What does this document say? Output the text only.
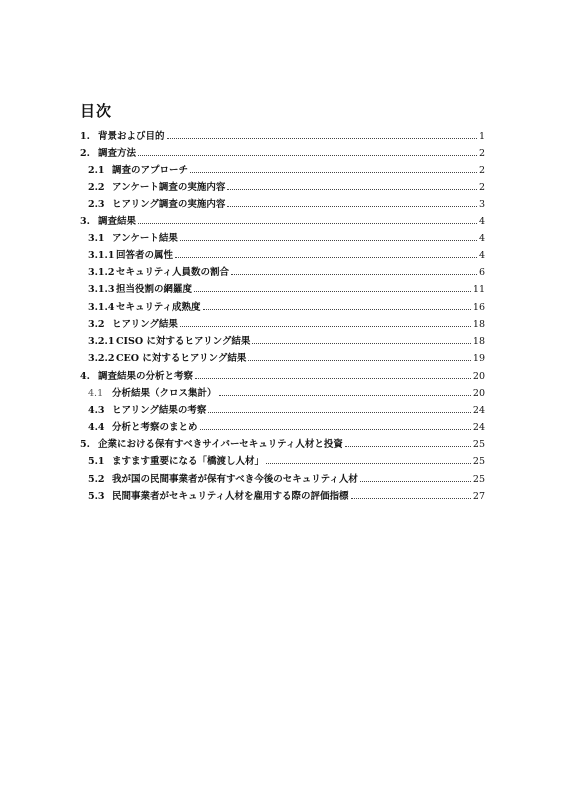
目次
1. 背景および目的	1
2. 調査方法	2
2.1 調査のアプローチ	2
2.2 アンケート調査の実施内容	2
2.3 ヒアリング調査の実施内容	3
3. 調査結果	4
3.1 アンケート結果	4
3.1.1 回答者の属性	4
3.1.2 セキュリティ人員数の割合	6
3.1.3 担当役割の網羅度	11
3.1.4 セキュリティ成熟度	16
3.2 ヒアリング結果	18
3.2.1 CISO に対するヒアリング結果	18
3.2.2 CEO に対するヒアリング結果	19
4. 調査結果の分析と考察	20
4.1 分析結果（クロス集計）	20
4.3 ヒアリング結果の考察	24
4.4 分析と考察のまとめ	24
5. 企業における保有すべきサイバーセキュリティ人材と投資	25
5.1 ますます重要になる「橋渡し人材」	25
5.2 我が国の民間事業者が保有すべき今後のセキュリティ人材	25
5.3 民間事業者がセキュリティ人材を雇用する際の評価指標	27
